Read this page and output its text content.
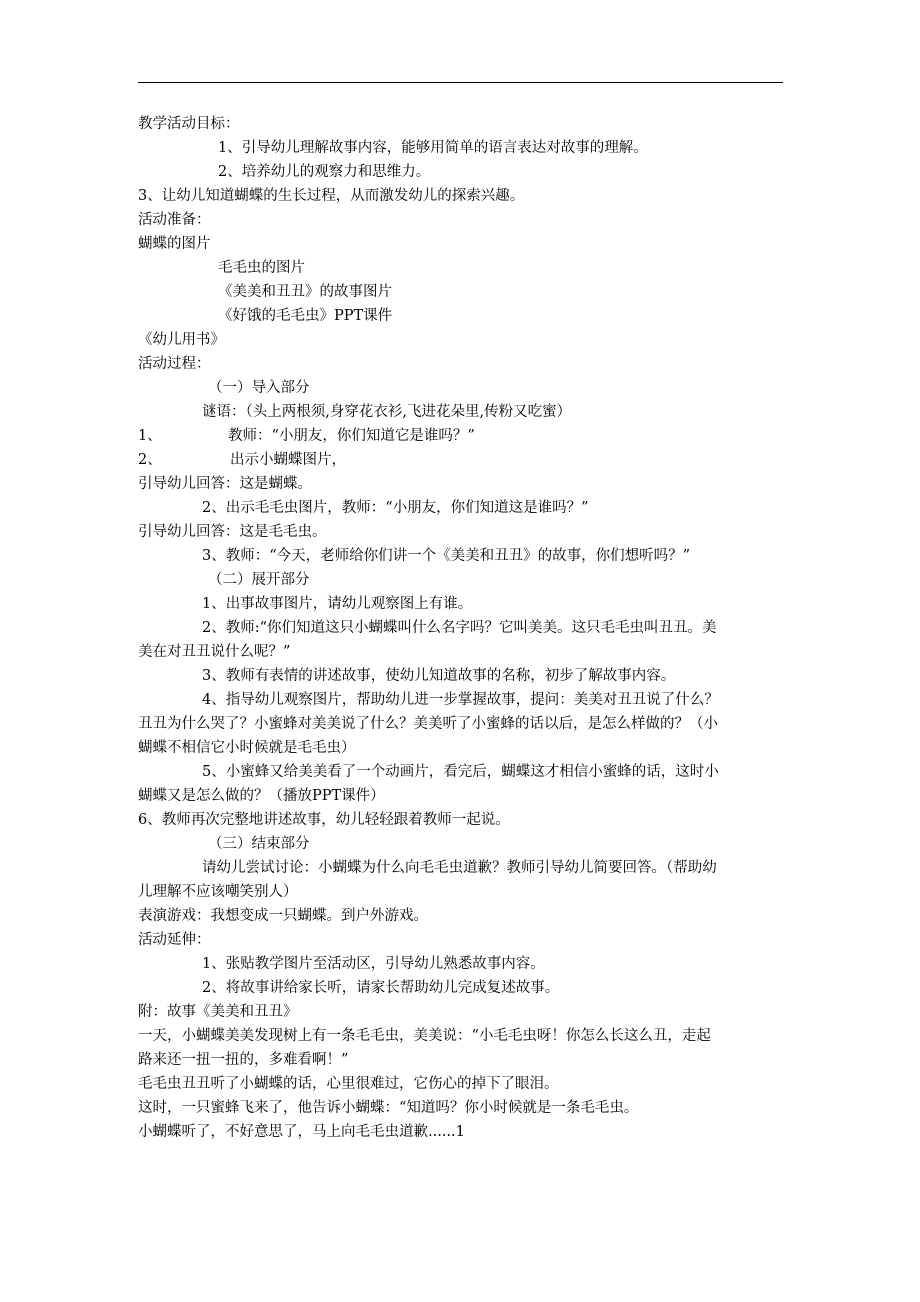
教学活动目标：
1、引导幼儿理解故事内容，能够用简单的语言表达对故事的理解。
2、培养幼儿的观察力和思维力。
3、让幼儿知道蝴蝶的生长过程，从而激发幼儿的探索兴趣。
活动准备：
蝴蝶的图片
毛毛虫的图片
《美美和丑丑》的故事图片
《好饿的毛毛虫》PPT课件
《幼儿用书》
活动过程：
（一）导入部分
谜语：（头上两根须,身穿花衣衫,飞进花朵里,传粉又吃蜜）
1、	教师：“小朋友，你们知道它是谁吗？”
2、	出示小蝴蝶图片，
引导幼儿回答：这是蝴蝶。
2、出示毛毛虫图片，教师：“小朋友，你们知道这是谁吗？”
引导幼儿回答：这是毛毛虫。
3、教师：“今天，老师给你们讲一个《美美和丑丑》的故事，你们想听吗？”
（二）展开部分
1、出事故事图片，请幼儿观察图上有谁。
2、教师:“你们知道这只小蝴蝶叫什么名字吗？它叫美美。这只毛毛虫叫丑丑。美
美在对丑丑说什么呢？”
3、教师有表情的讲述故事，使幼儿知道故事的名称，初步了解故事内容。
4、指导幼儿观察图片，帮助幼儿进一步掌握故事，提问：美美对丑丑说了什么？
丑丑为什么哭了？小蜜蜂对美美说了什么？美美听了小蜜蜂的话以后，是怎么样做的？（小
蝴蝶不相信它小时候就是毛毛虫）
5、小蜜蜂又给美美看了一个动画片，看完后，蝴蝶这才相信小蜜蜂的话，这时小
蝴蝶又是怎么做的？（播放PPT课件）
6、教师再次完整地讲述故事，幼儿轻轻跟着教师一起说。
（三）结束部分
请幼儿尝试讨论：小蝴蝶为什么向毛毛虫道歉？教师引导幼儿简要回答。（帮助幼
儿理解不应该嘲笑别人）
表演游戏：我想变成一只蝴蝶。到户外游戏。
活动延伸：
1、张贴教学图片至活动区，引导幼儿熟悉故事内容。
2、将故事讲给家长听，请家长帮助幼儿完成复述故事。
附：故事《美美和丑丑》
一天，小蝴蝶美美发现树上有一条毛毛虫，美美说：“小毛毛虫呀！你怎么长这么丑，走起
路来还一扭一扭的，多难看啊！”
毛毛虫丑丑听了小蝴蝶的话，心里很难过，它伤心的掉下了眼泪。
这时，一只蜜蜂飞来了，他告诉小蝴蝶：“知道吗？你小时候就是一条毛毛虫。
小蝴蝶听了，不好意思了，马上向毛毛虫道歉......1
